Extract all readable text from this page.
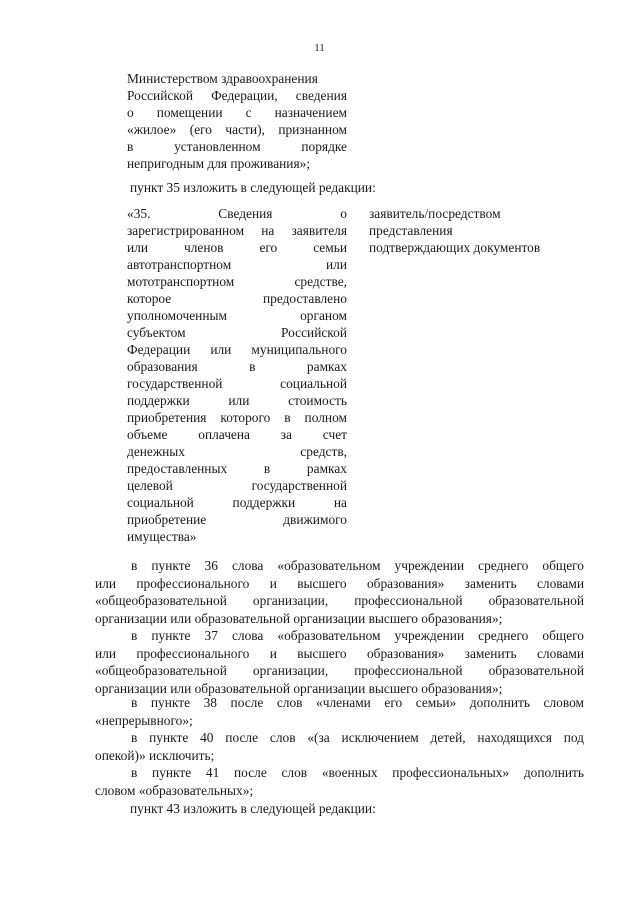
11
Министерством здравоохранения
Российской Федерации, сведения
о помещении с назначением
«жилое» (его части), признанном
в установленном порядке
непригодным для проживания»;
пункт 35 изложить в следующей редакции:
«35. Сведения о
зарегистрированном на заявителя
или членов его семьи
автотранспортном или
мототранспортном средстве,
которое предоставлено
уполномоченным органом
субъектом Российской
Федерации или муниципального
образования в рамках
государственной социальной
поддержки или стоимость
приобретения которого в полном
объеме оплачена за счет
денежных средств,
предоставленных в рамках
целевой государственной
социальной поддержки на
приобретение движимого
имущества»
заявитель/посредством
представления
подтверждающих документов
в пункте 36 слова «образовательном учреждении среднего общего
или профессионального и высшего образования» заменить словами
«общеобразовательной организации, профессиональной образовательной
организации или образовательной организации высшего образования»;
в пункте 37 слова «образовательном учреждении среднего общего
или профессионального и высшего образования» заменить словами
«общеобразовательной организации, профессиональной образовательной
организации или образовательной организации высшего образования»;
в пункте 38 после слов «членами его семьи» дополнить словом
«непрерывного»;
в пункте 40 после слов «(за исключением детей, находящихся под
опекой)» исключить;
в пункте 41 после слов «военных профессиональных» дополнить
словом «образовательных»;
пункт 43 изложить в следующей редакции:
